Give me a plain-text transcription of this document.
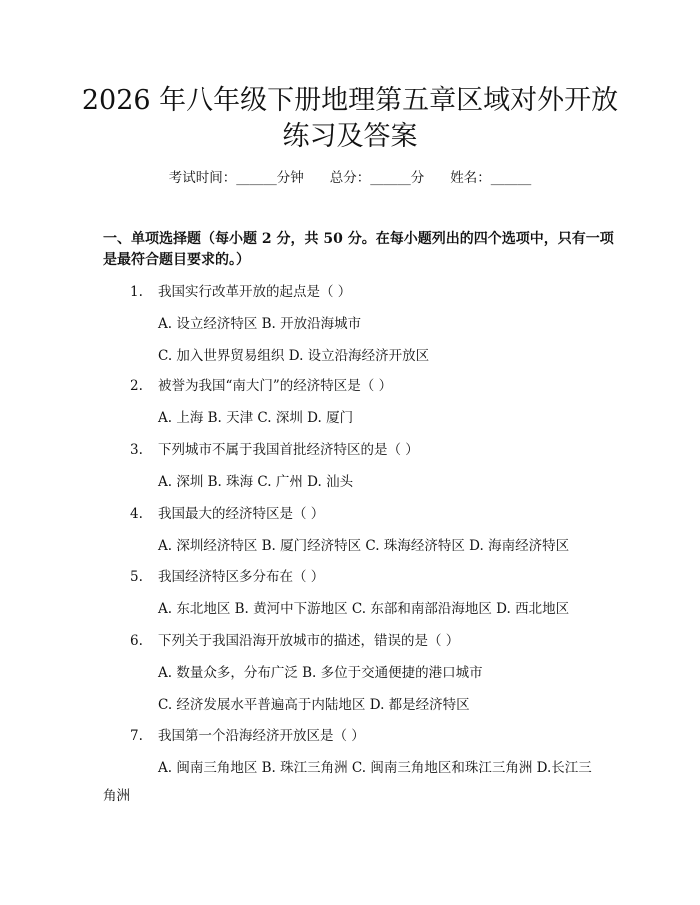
2026 年八年级下册地理第五章区域对外开放
练习及答案
考试时间：______分钟 总分：______分 姓名：______
一、单项选择题（每小题 2 分，共 50 分。在每小题列出的四个选项中，只有一项
是最符合题目要求的。）
1. 我国实行改革开放的起点是（ ）
A. 设立经济特区 B. 开放沿海城市
C. 加入世界贸易组织 D. 设立沿海经济开放区
2. 被誉为我国“南大门”的经济特区是（ ）
A. 上海 B. 天津 C. 深圳 D. 厦门
3. 下列城市不属于我国首批经济特区的是（ ）
A. 深圳 B. 珠海 C. 广州 D. 汕头
4. 我国最大的经济特区是（ ）
A. 深圳经济特区 B. 厦门经济特区 C. 珠海经济特区 D. 海南经济特区
5. 我国经济特区多分布在（ ）
A. 东北地区 B. 黄河中下游地区 C. 东部和南部沿海地区 D. 西北地区
6. 下列关于我国沿海开放城市的描述，错误的是（ ）
A. 数量众多，分布广泛 B. 多位于交通便捷的港口城市
C. 经济发展水平普遍高于内陆地区 D. 都是经济特区
7. 我国第一个沿海经济开放区是（ ）
A. 闽南三角地区 B. 珠江三角洲 C. 闽南三角地区和珠江三角洲 D.长江三角洲
